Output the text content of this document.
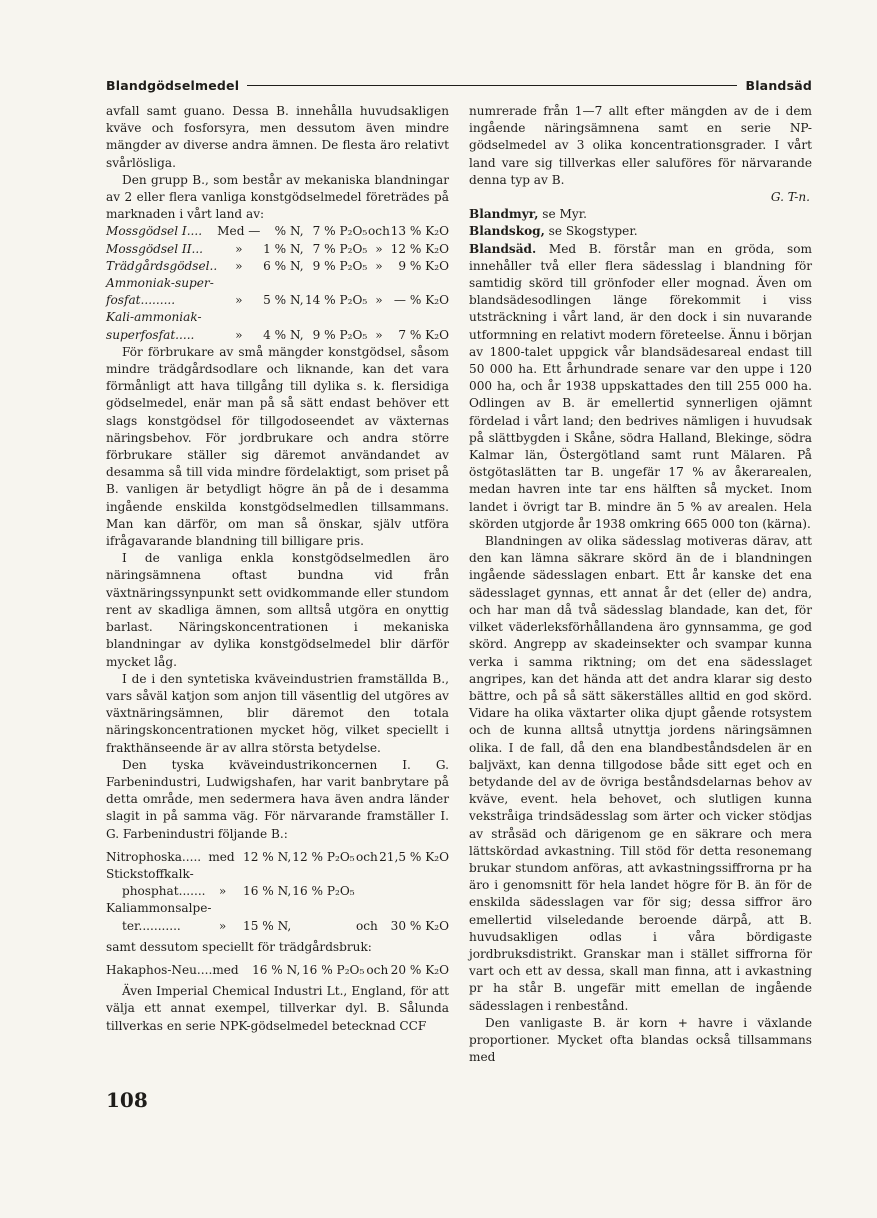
Blandgödselmedel	Blandsäd

avfall samt guano. Dessa B. innehålla huvudsakligen kväve och fosforsyra, men dessutom även mindre mängder av diverse andra ämnen. De flesta äro relativt svårlösliga.

Den grupp B., som består av mekaniska blandningar av 2 eller flera vanliga konstgödselmedel företrädes på marknaden i vårt land av:

Mossgödsel I....	Med —	% N,	7 % P₂O₅	och	13 % K₂O
Mossgödsel II...	»	1 % N,	7 % P₂O₅	»	12 % K₂O
Trädgårdsgödsel..	»	6 % N,	9 % P₂O₅	»	9 % K₂O
Ammoniak-super-fosfat.........	»	5 % N,	14 % P₂O₅	»	— % K₂O
Kali-ammoniak-superfosfat.....	»	4 % N,	9 % P₂O₅	»	7 % K₂O

För förbrukare av små mängder konstgödsel, såsom mindre trädgårdsodlare och liknande, kan det vara förmånligt att hava tillgång till dylika s. k. flersidiga gödselmedel, enär man på så sätt endast behöver ett slags konstgödsel för tillgodoseendet av växternas näringsbehov. För jordbrukare och andra större förbrukare ställer sig däremot användandet av desamma så till vida mindre fördelaktigt, som priset på B. vanligen är betydligt högre än på de i desamma ingående enskilda konstgödselmedlen tillsammans. Man kan därför, om man så önskar, själv utföra ifrågavarande blandning till billigare pris.

I de vanliga enkla konstgödselmedlen äro näringsämnena oftast bundna vid från växtnäringssynpunkt sett ovidkommande eller stundom rent av skadliga ämnen, som alltså utgöra en onyttig barlast. Näringskoncentrationen i mekaniska blandningar av dylika konstgödselmedel blir därför mycket låg.

I de i den syntetiska kväveindustrien framställda B., vars såväl katjon som anjon till väsentlig del utgöres av växtnäringsämnen, blir däremot den totala näringskoncentrationen mycket hög, vilket speciellt i frakthänseende är av allra största betydelse.

Den tyska kväveindustrikoncernen I. G. Farbenindustri, Ludwigshafen, har varit banbrytare på detta område, men sedermera hava även andra länder slagit in på samma väg. För närvarande framställer I. G. Farbenindustri följande B.:

Nitrophoska.....	med	12 % N,	12 % P₂O₅	och	21,5 % K₂O
Stickstoffkalk-					
phosphat.......	»	16 % N,	16 % P₂O₅		
Kaliammonsalpe-					
ter...........	»	15 % N,		och	30 % K₂O

samt dessutom speciellt för trädgårdsbruk:

Hakaphos-Neu....	med	16 % N,	16 % P₂O₅	och	20 % K₂O

Även Imperial Chemical Industri Lt., England, för att välja ett annat exempel, tillverkar dyl. B. Sålunda tillverkas en serie NPK-gödselmedel betecknad CCF

numrerade från 1—7 allt efter mängden av de i dem ingående näringsämnena samt en serie NP-gödselmedel av 3 olika koncentrationsgrader. I vårt land vare sig tillverkas eller saluföres för närvarande denna typ av B.

G. T-n.

Blandmyr, se Myr.

Blandskog, se Skogstyper.

Blandsäd. Med B. förstår man en gröda, som innehåller två eller flera sädesslag i blandning för samtidig skörd till grönfoder eller mognad. Även om blandsädesodlingen länge förekommit i viss utsträckning i vårt land, är den dock i sin nuvarande utformning en relativt modern företeelse. Ännu i början av 1800-talet uppgick vår blandsädesareal endast till 50 000 ha. Ett århundrade senare var den uppe i 120 000 ha, och år 1938 uppskattades den till 255 000 ha. Odlingen av B. är emellertid synnerligen ojämnt fördelad i vårt land; den bedrives nämligen i huvudsak på slättbygden i Skåne, södra Halland, Blekinge, södra Kalmar län, Östergötland samt runt Mälaren. På östgötaslätten tar B. ungefär 17 % av åkerarealen, medan havren inte tar ens hälften så mycket. Inom landet i övrigt tar B. mindre än 5 % av arealen. Hela skörden utgjorde år 1938 omkring 665 000 ton (kärna).

Blandningen av olika sädesslag motiveras därav, att den kan lämna säkrare skörd än de i blandningen ingående sädesslagen enbart. Ett år kanske det ena sädesslaget gynnas, ett annat år det (eller de) andra, och har man då två sädesslag blandade, kan det, för vilket väderleksförhållandena äro gynnsamma, ge god skörd. Angrepp av skadeinsekter och svampar kunna verka i samma riktning; om det ena sädesslaget angripes, kan det hända att det andra klarar sig desto bättre, och på så sätt säkerställes alltid en god skörd. Vidare ha olika växtarter olika djupt gående rotsystem och de kunna alltså utnyttja jordens näringsämnen olika. I de fall, då den ena blandbeståndsdelen är en baljväxt, kan denna tillgodose både sitt eget och en betydande del av de övriga beståndsdelarnas behov av kväve, event. hela behovet, och slutligen kunna vekstråiga trindsädesslag som ärter och vicker stödjas av stråsäd och därigenom ge en säkrare och mera lättskördad avkastning. Till stöd för detta resonemang brukar stundom anföras, att avkastningssiffrorna pr ha äro i genomsnitt för hela landet högre för B. än för de enskilda sädesslagen var för sig; dessa siffror äro emellertid vilseledande beroende därpå, att B. huvudsakligen odlas i våra bördigaste jordbruksdistrikt. Granskar man i stället siffrorna för vart och ett av dessa, skall man finna, att i avkastning pr ha står B. ungefär mitt emellan de ingående sädesslagen i renbestånd.

Den vanligaste B. är korn + havre i växlande proportioner. Mycket ofta blandas också tillsammans med

108
